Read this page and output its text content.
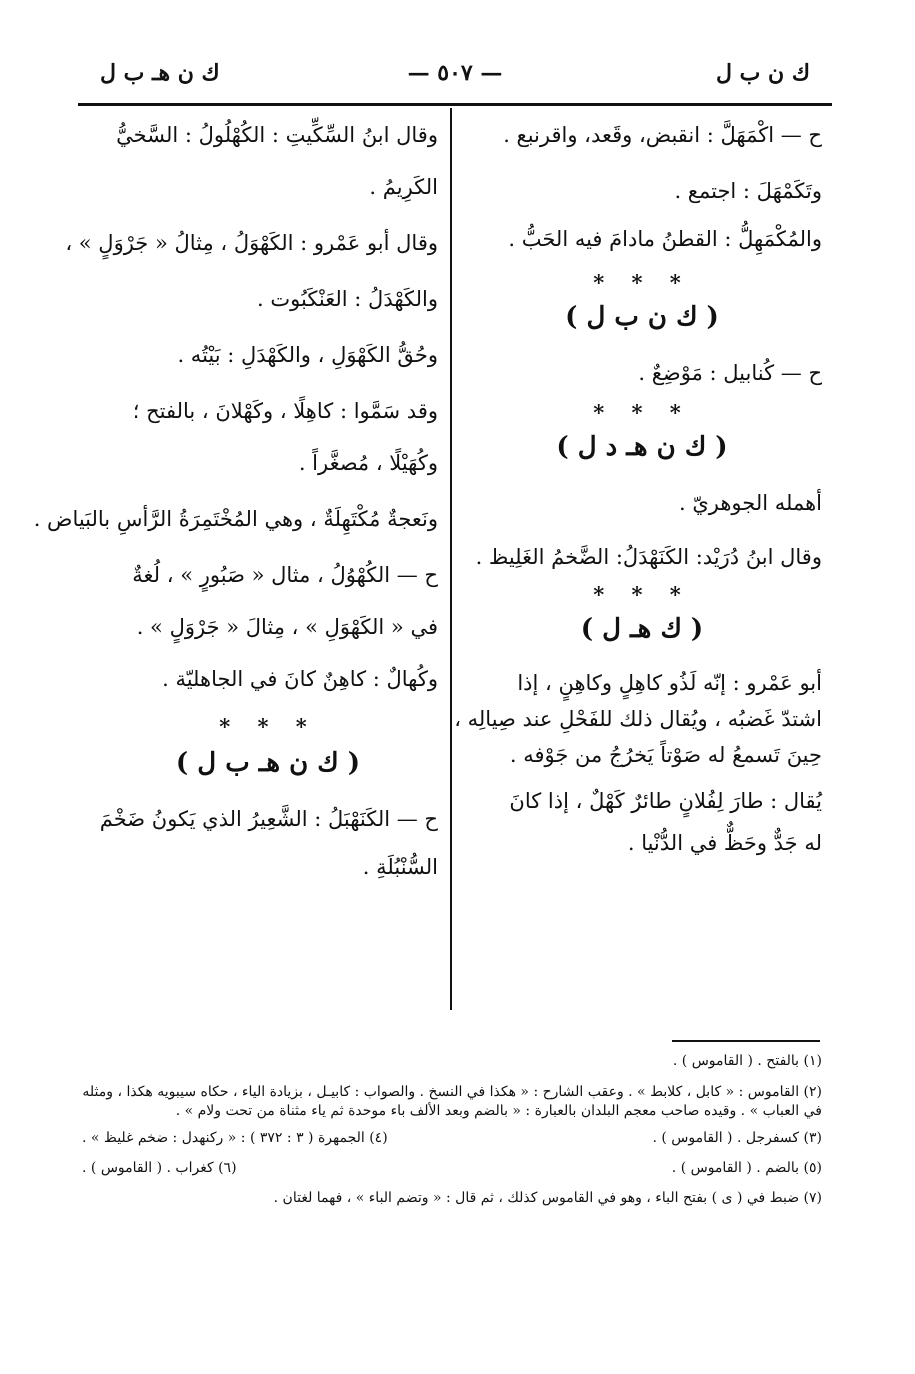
ك ن ب ل
— ٥٠٧ —
ك ن هـ ب ل
ح — اكْمَهَلَّ : انقبض، وقَعد، واقرنبع .
وتَكَمْهَلَ : اجتمع .
والمُكْمَهِلُّ : القطنُ مادامَ فيه الحَبُّ .
* * *
( ك ن ب ل )
ح — كُنابيل : مَوْضِعٌ .
* * *
( ك ن هـ د ل )
أهمله الجوهريّ .
وقال ابنُ دُرَيْد: الكَنَهْدَلُ: الضَّخمُ الغَلِيظ .
* * *
( ك هـ ل )
أبو عَمْرو : إنّه لَذُو كاهِلٍ وكاهِنٍ ، إذا
اشتدّ غَضبُه ، ويُقال ذلك للفَحْلِ عند صِيالِه ،
حِينَ تَسمعُ له صَوْتاً يَخرُجُ من جَوْفه .
يُقال : طارَ لِفُلانٍ طائرٌ كَهْلٌ ، إذا كانَ
له جَدٌّ وحَظٌّ في الدُّنْيا .
وقال ابنُ السِّكِّيتِ : الكُهْلُولُ : السَّخيُّ
الكَرِيمُ .
وقال أبو عَمْرو : الكَهْوَلُ ، مِثالُ « جَرْوَلٍ » ،
والكَهْدَلُ : العَنْكَبُوت .
وحُقُّ الكَهْوَلِ ، والكَهْدَلِ : بَيْتُه .
وقد سَمَّوا : كاهِلًا ، وكَهْلانَ ، بالفتح ؛
وكُهَيْلًا ، مُصغَّراً .
ونَعجةٌ مُكْتَهِلَةٌ ، وهي المُخْتَمِرَةُ الرَّأسِ بالبَياض .
ح — الكُهْوُلُ ، مثال « صَبُورٍ » ، لُغةٌ
في « الكَهْوَلِ » ، مِثالَ « جَرْوَلٍ » .
وكُهالٌ : كاهِنٌ كانَ في الجاهليّة .
* * *
( ك ن هـ ب ل )
ح — الكَنَهْبَلُ : الشَّعِيرُ الذي يَكونُ ضَخْمَ
السُّنْبُلَةِ .
(١) بالفتح . ( القاموس ) .
(٢) القاموس : « كابل ، كلابط » . وعقب الشارح : « هكذا في النسخ . والصواب : كابيـل ، بزيادة الياء ، حكاه سيبويه هكذا ، ومثله في العباب » . وقيده صاحب معجم البلدان بالعبارة : « بالضم وبعد الألف باء موحدة ثم ياء مثناة من تحت ولام » .
(٣) كسفرجل . ( القاموس ) .
(٤) الجمهرة ( ٣ : ٣٧٢ ) : « ركنهدل : ضخم غليظ » .
(٥) بالضم . ( القاموس ) .
(٦) كغراب . ( القاموس ) .
(٧) ضبط في ( ى ) بفتح الباء ، وهو في القاموس كذلك ، ثم قال : « وتضم الباء » ، فهما لغتان .
